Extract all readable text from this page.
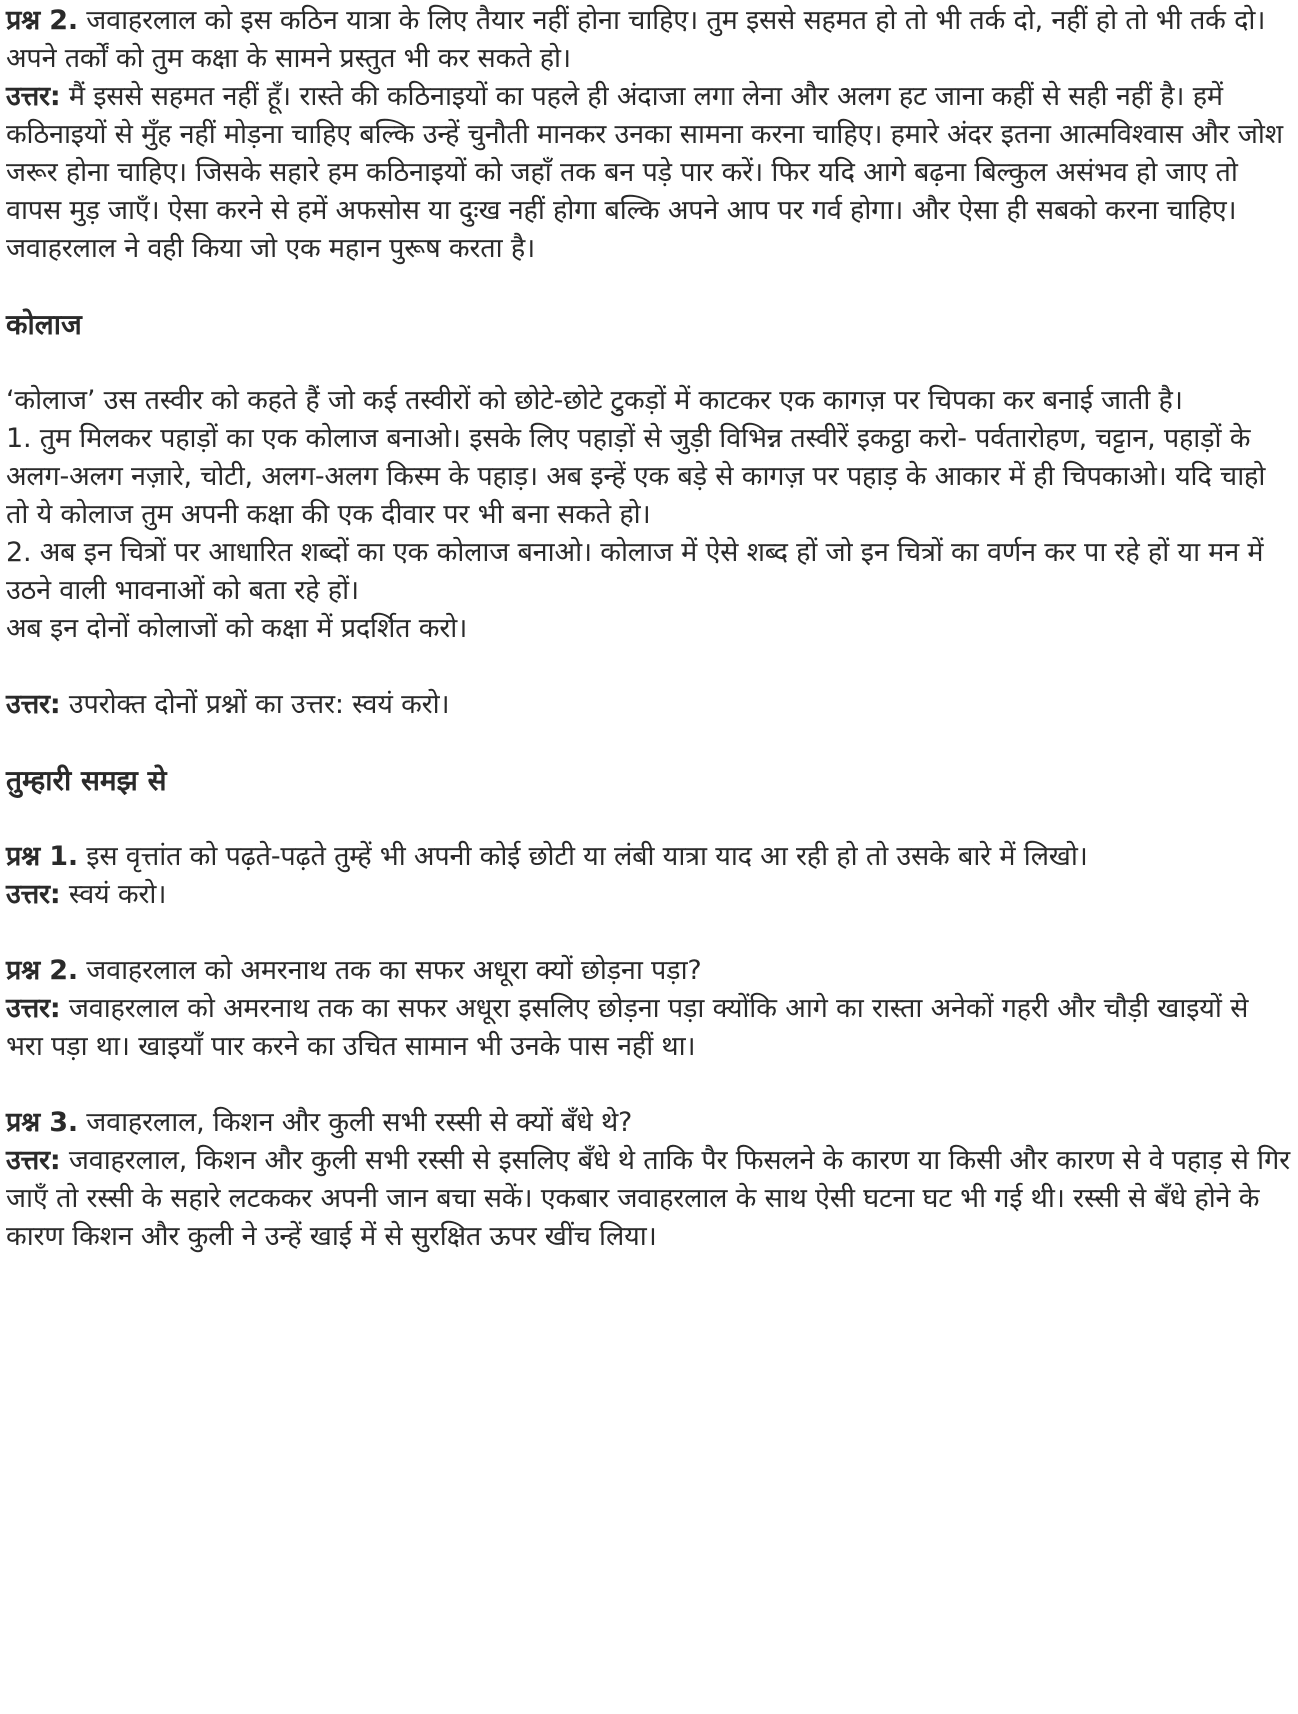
प्रश्न 2. जवाहरलाल को इस कठिन यात्रा के लिए तैयार नहीं होना चाहिए। तुम इससे सहमत हो तो भी तर्क दो, नहीं हो तो भी तर्क दो। अपने तर्कों को तुम कक्षा के सामने प्रस्तुत भी कर सकते हो।

उत्तर: मैं इससे सहमत नहीं हूँ। रास्ते की कठिनाइयों का पहले ही अंदाजा लगा लेना और अलग हट जाना कहीं से सही नहीं है। हमें कठिनाइयों से मुँह नहीं मोड़ना चाहिए बल्कि उन्हें चुनौती मानकर उनका सामना करना चाहिए। हमारे अंदर इतना आत्मविश्वास और जोश जरूर होना चाहिए। जिसके सहारे हम कठिनाइयों को जहाँ तक बन पड़े पार करें। फिर यदि आगे बढ़ना बिल्कुल असंभव हो जाए तो वापस मुड़ जाएँ। ऐसा करने से हमें अफसोस या दुःख नहीं होगा बल्कि अपने आप पर गर्व होगा। और ऐसा ही सबको करना चाहिए। जवाहरलाल ने वही किया जो एक महान पुरूष करता है।

कोलाज

‘कोलाज’ उस तस्वीर को कहते हैं जो कई तस्वीरों को छोटे-छोटे टुकड़ों में काटकर एक कागज़ पर चिपका कर बनाई जाती है।

1. तुम मिलकर पहाड़ों का एक कोलाज बनाओ। इसके लिए पहाड़ों से जुड़ी विभिन्न तस्वीरें इकट्ठा करो- पर्वतारोहण, चट्टान, पहाड़ों के अलग-अलग नज़ारे, चोटी, अलग-अलग किस्म के पहाड़। अब इन्हें एक बड़े से कागज़ पर पहाड़ के आकार में ही चिपकाओ। यदि चाहो तो ये कोलाज तुम अपनी कक्षा की एक दीवार पर भी बना सकते हो।

2. अब इन चित्रों पर आधारित शब्दों का एक कोलाज बनाओ। कोलाज में ऐसे शब्द हों जो इन चित्रों का वर्णन कर पा रहे हों या मन में उठने वाली भावनाओं को बता रहे हों।

अब इन दोनों कोलाजों को कक्षा में प्रदर्शित करो।

उत्तर: उपरोक्त दोनों प्रश्नों का उत्तर: स्वयं करो।

तुम्हारी समझ से

प्रश्न 1. इस वृत्तांत को पढ़ते-पढ़ते तुम्हें भी अपनी कोई छोटी या लंबी यात्रा याद आ रही हो तो उसके बारे में लिखो।

उत्तर: स्वयं करो।

प्रश्न 2. जवाहरलाल को अमरनाथ तक का सफर अधूरा क्यों छोड़ना पड़ा?

उत्तर: जवाहरलाल को अमरनाथ तक का सफर अधूरा इसलिए छोड़ना पड़ा क्योंकि आगे का रास्ता अनेकों गहरी और चौड़ी खाइयों से भरा पड़ा था। खाइयाँ पार करने का उचित सामान भी उनके पास नहीं था।

प्रश्न 3. जवाहरलाल, किशन और कुली सभी रस्सी से क्यों बँधे थे?

उत्तर: जवाहरलाल, किशन और कुली सभी रस्सी से इसलिए बँधे थे ताकि पैर फिसलने के कारण या किसी और कारण से वे पहाड़ से गिर जाएँ तो रस्सी के सहारे लटककर अपनी जान बचा सकें। एकबार जवाहरलाल के साथ ऐसी घटना घट भी गई थी। रस्सी से बँधे होने के कारण किशन और कुली ने उन्हें खाई में से सुरक्षित ऊपर खींच लिया।
